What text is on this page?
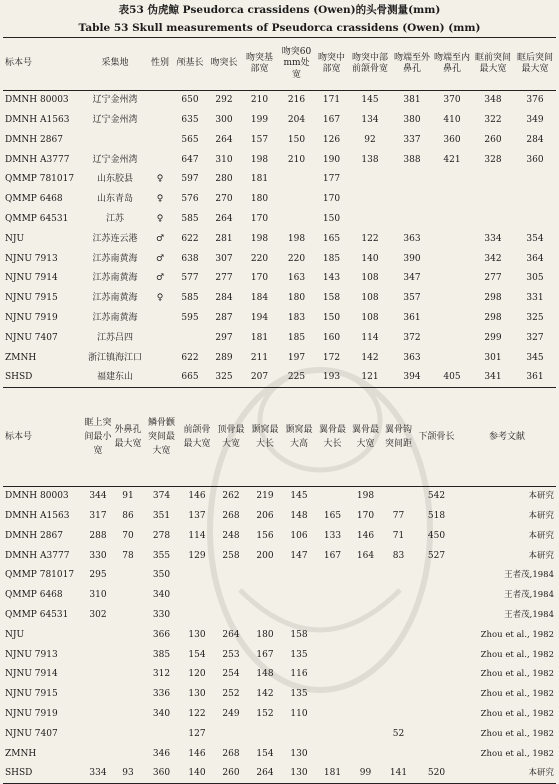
表53 伪虎鲸 Pseudorca crassidens (Owen)的头骨测量(mm)
Table 53 Skull measurements of Pseudorca crassidens (Owen) (mm)
标本号	采集地	性别	颅基长	吻突长	吻突基部宽	吻突60mm处宽	吻突中部宽	吻突中部前颌骨宽	吻端至外鼻孔	吻端至内鼻孔	眶前突间最大宽	眶后突间最大宽
DMNH 80003	辽宁金州湾		650	292	210	216	171	145	381	370	348	376
DMNH A1563	辽宁金州湾		635	300	199	204	167	134	380	410	322	349
DMNH 2867			565	264	157	150	126	92	337	360	260	284
DMNH A3777	辽宁金州湾		647	310	198	210	190	138	388	421	328	360
QMMP 781017	山东胶县	♀	597	280	181		177					
QMMP 6468	山东青岛	♀	576	270	180		170					
QMMP 64531	江苏	♀	585	264	170		150					
NJU	江苏连云港	♂	622	281	198	198	165	122	363		334	354
NJNU 7913	江苏南黄海	♂	638	307	220	220	185	140	390		342	364
NJNU 7914	江苏南黄海	♂	577	277	170	163	143	108	347		277	305
NJNU 7915	江苏南黄海	♀	585	284	184	180	158	108	357		298	331
NJNU 7919	江苏南黄海		595	287	194	183	150	108	361		298	325
NJNU 7407	江苏吕四			297	181	185	160	114	372		299	327
ZMNH	浙江镇海江口		622	289	211	197	172	142	363		301	345
SHSD	福建东山		665	325	207	225	193	121	394	405	341	361
标本号	眶上突间最小宽	外鼻孔最大宽	鳞骨颧突间最大宽	前颌骨最大宽	顶骨最大宽	颞窝最大长	颞窝最大高	翼骨最大长	翼骨最大宽	翼骨钩突间距	下颌骨长	参考文献
DMNH 80003	344	91	374	146	262	219	145		198		542	本研究
DMNH A1563	317	86	351	137	268	206	148	165	170	77	518	本研究
DMNH 2867	288	70	278	114	248	156	106	133	146	71	450	本研究
DMNH A3777	330	78	355	129	258	200	147	167	164	83	527	本研究
QMMP 781017	295		350									王者茂,1984
QMMP 6468	310		340									王者茂,1984
QMMP 64531	302		330									王者茂,1984
NJU			366	130	264	180	158					Zhou et al., 1982
NJNU 7913			385	154	253	167	135					Zhou et al., 1982
NJNU 7914			312	120	254	148	116					Zhou et al., 1982
NJNU 7915			336	130	252	142	135					Zhou et al., 1982
NJNU 7919			340	122	249	152	110					Zhou et al., 1982
NJNU 7407				127						52		Zhou et al., 1982
ZMNH			346	146	268	154	130					Zhou et al., 1982
SHSD	334	93	360	140	260	264	130	181	99	141	520	本研究
